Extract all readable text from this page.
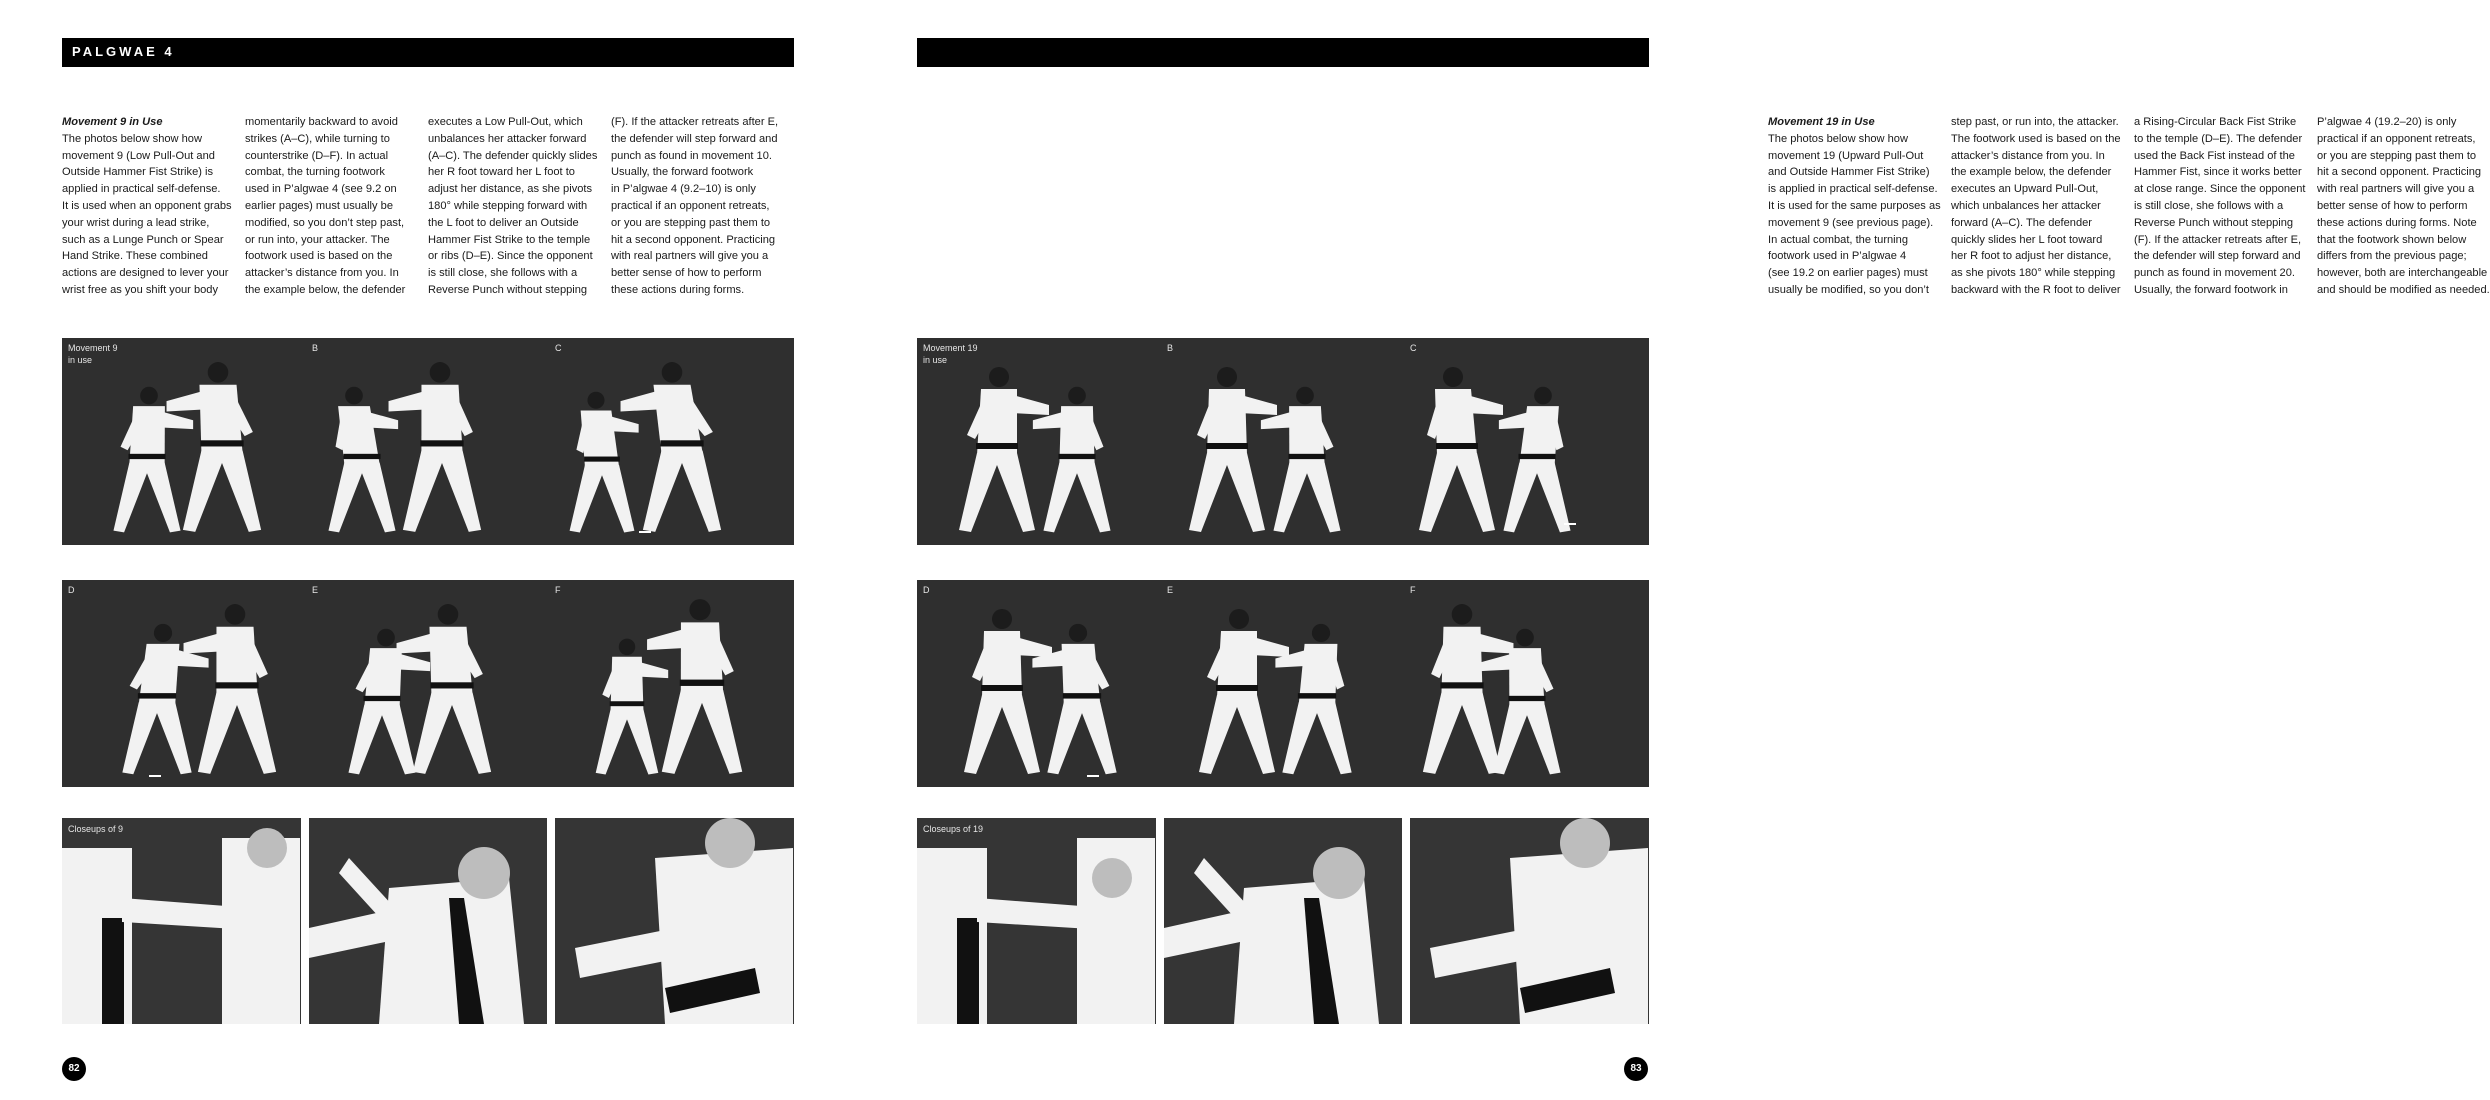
PALGWAE 4
Movement 9 in Use
The photos below show how
movement 9 (Low Pull-Out and
Outside Hammer Fist Strike) is
applied in practical self-defense.
It is used when an opponent grabs
your wrist during a lead strike,
such as a Lunge Punch or Spear
Hand Strike. These combined
actions are designed to lever your
wrist free as you shift your body
momentarily backward to avoid
strikes (A–C), while turning to
counterstrike (D–F). In actual
combat, the turning footwork
used in P’algwae 4 (see 9.2 on
earlier pages) must usually be
modified, so you don’t step past,
or run into, your attacker. The
footwork used is based on the
attacker’s distance from you. In
the example below, the defender
executes a Low Pull-Out, which
unbalances her attacker forward
(A–C). The defender quickly slides
her R foot toward her L foot to
adjust her distance, as she pivots
180° while stepping forward with
the L foot to deliver an Outside
Hammer Fist Strike to the temple
or ribs (D–E). Since the opponent
is still close, she follows with a
Reverse Punch without stepping
(F). If the attacker retreats after E,
the defender will step forward and
punch as found in movement 10.
Usually, the forward footwork
in P’algwae 4 (9.2–10) is only
practical if an opponent retreats,
or you are stepping past them to
hit a second opponent. Practicing
with real partners will give you a
better sense of how to perform
these actions during forms.
Movement 9
in use
B	C
D	E	F
Closeups of 9
82
Movement 19 in Use
The photos below show how
movement 19 (Upward Pull-Out
and Outside Hammer Fist Strike)
is applied in practical self-defense.
It is used for the same purposes as
movement 9 (see previous page).
In actual combat, the turning
footwork used in P’algwae 4
(see 19.2 on earlier pages) must
usually be modified, so you don’t
step past, or run into, the attacker.
The footwork used is based on the
attacker’s distance from you. In
the example below, the defender
executes an Upward Pull-Out,
which unbalances her attacker
forward (A–C). The defender
quickly slides her L foot toward
her R foot to adjust her distance,
as she pivots 180° while stepping
backward with the R foot to deliver
a Rising-Circular Back Fist Strike
to the temple (D–E). The defender
used the Back Fist instead of the
Hammer Fist, since it works better
at close range. Since the opponent
is still close, she follows with a
Reverse Punch without stepping
(F). If the attacker retreats after E,
the defender will step forward and
punch as found in movement 20.
Usually, the forward footwork in
P’algwae 4 (19.2–20) is only
practical if an opponent retreats,
or you are stepping past them to
hit a second opponent. Practicing
with real partners will give you a
better sense of how to perform
these actions during forms. Note
that the footwork shown below
differs from the previous page;
however, both are interchangeable
and should be modified as needed.
Movement 19
in use
B	C
D	E	F
Closeups of 19
83
